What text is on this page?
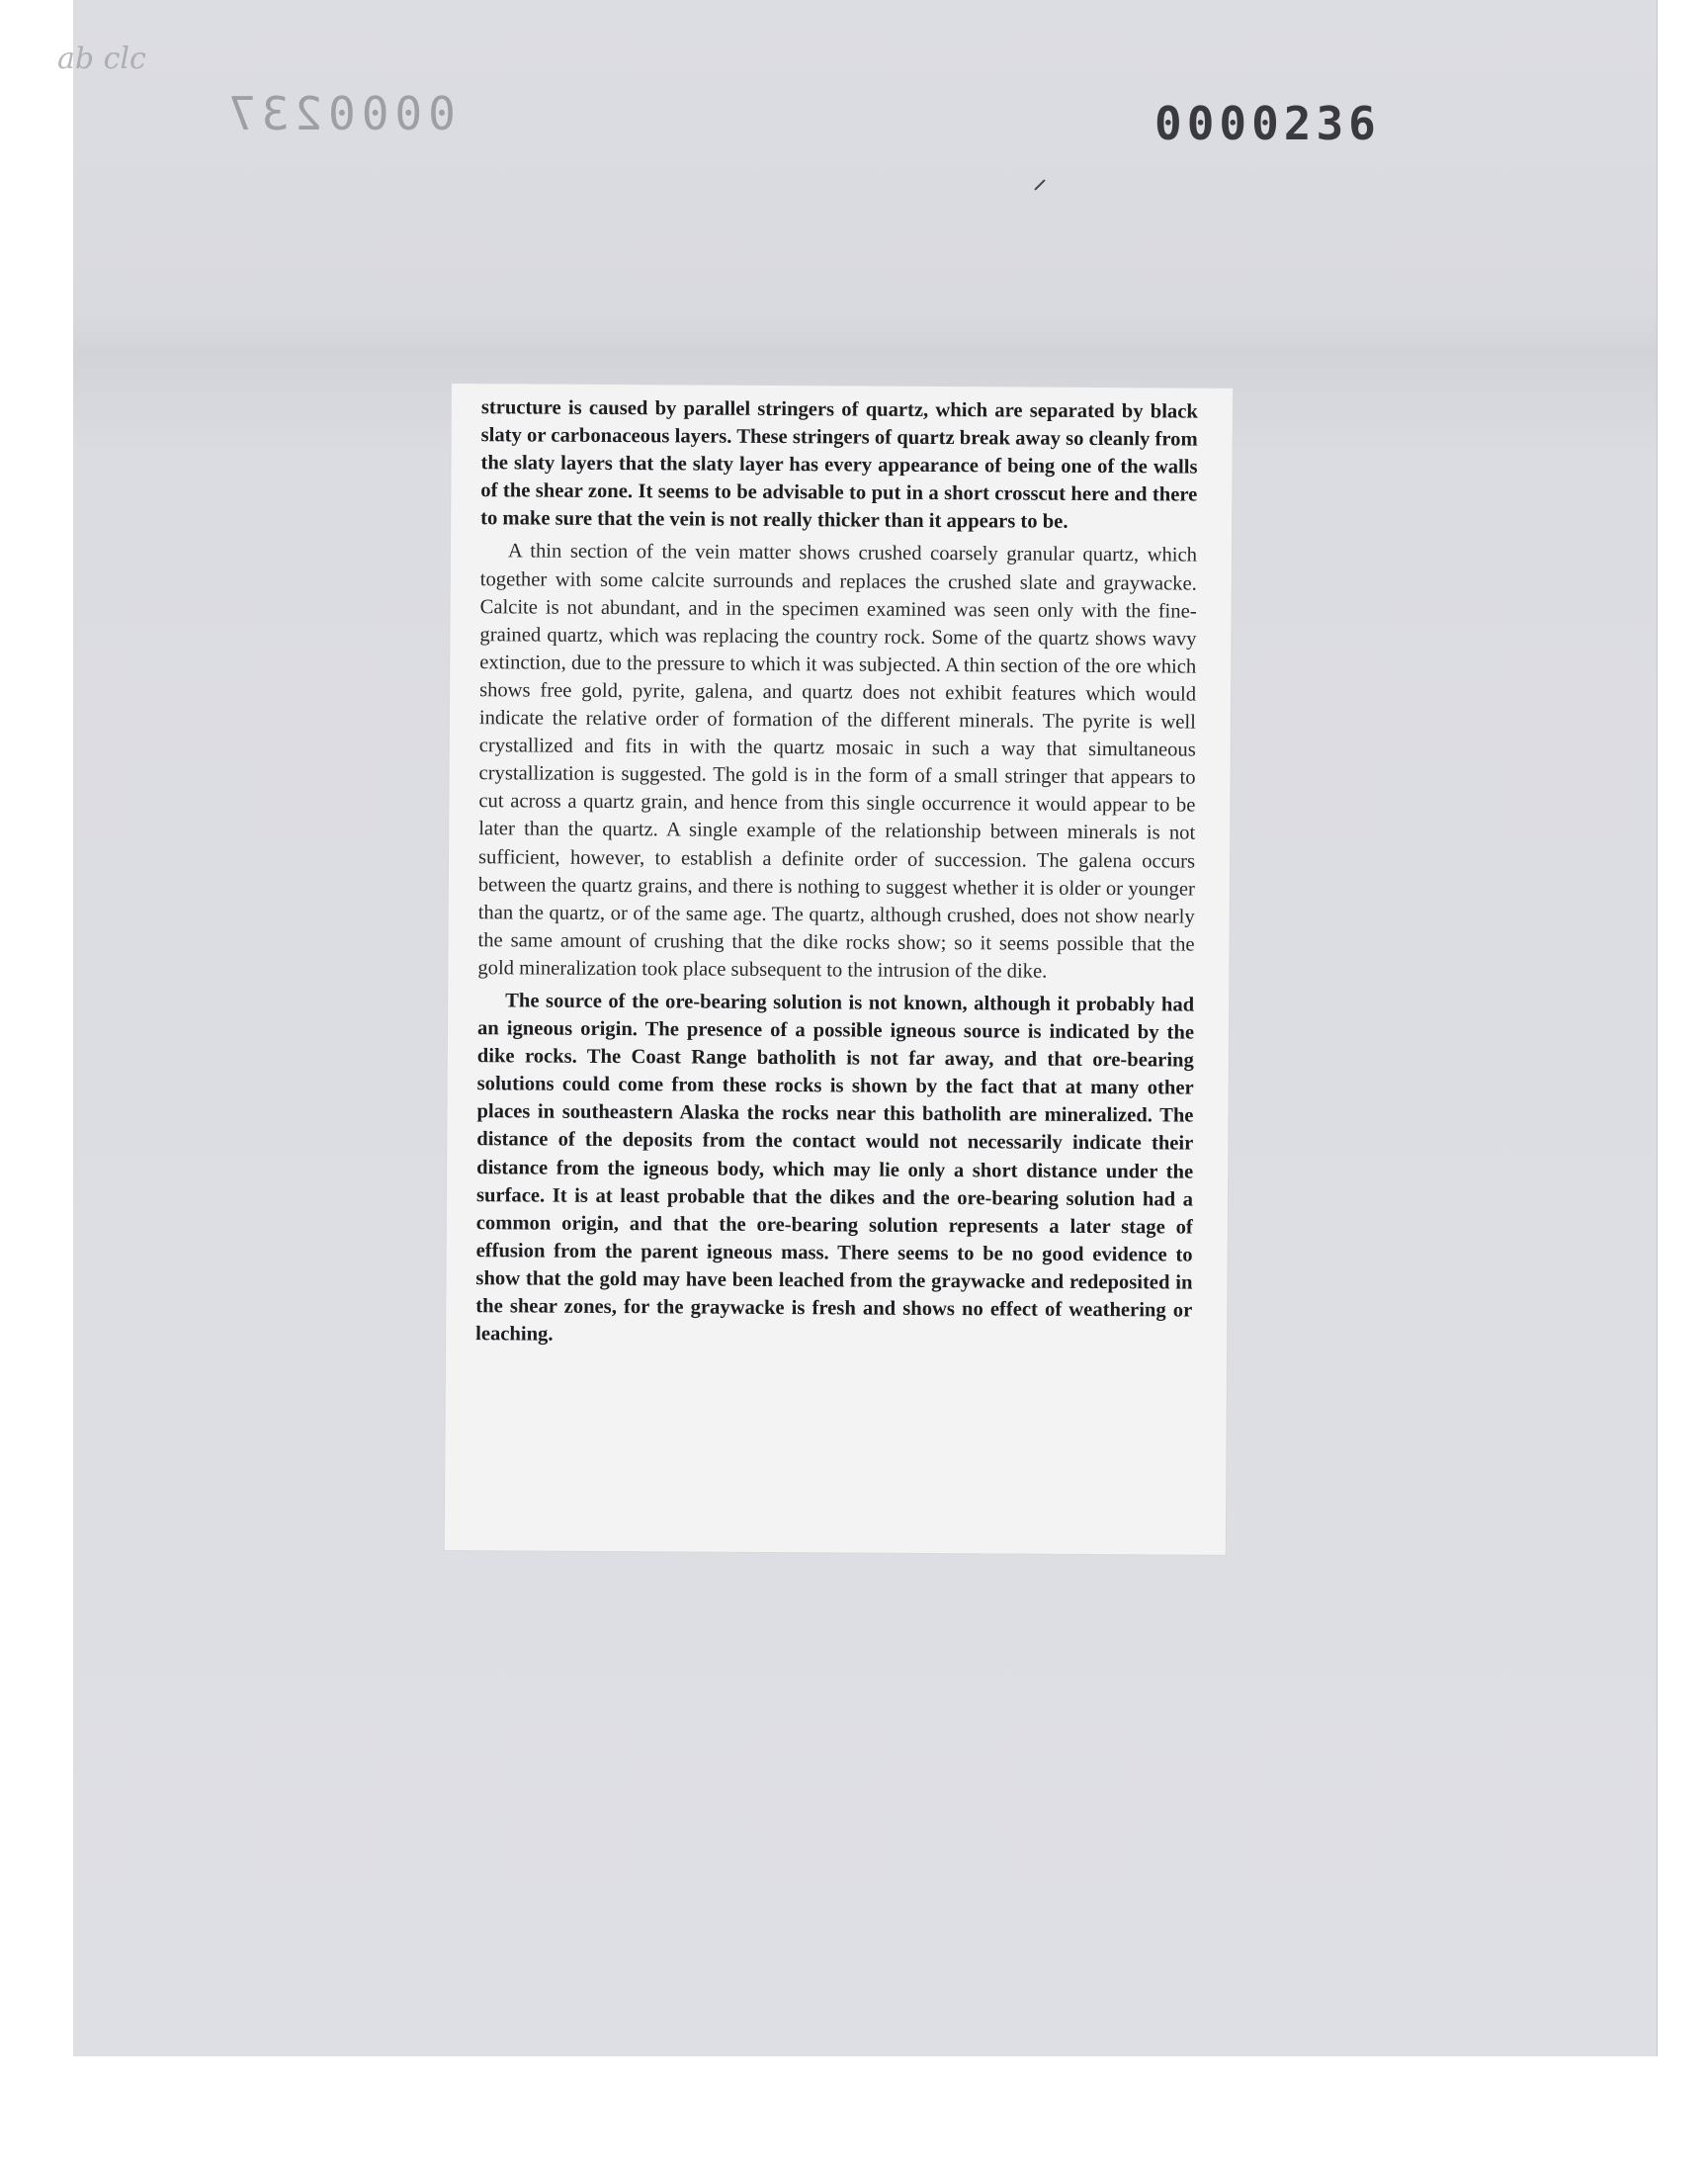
ab clc
0000237	0000236

structure is caused by parallel stringers of quartz, which are separated by black slaty or carbonaceous layers. These stringers of quartz break away so cleanly from the slaty layers that the slaty layer has every appearance of being one of the walls of the shear zone. It seems to be advisable to put in a short crosscut here and there to make sure that the vein is not really thicker than it appears to be.

A thin section of the vein matter shows crushed coarsely granular quartz, which together with some calcite surrounds and replaces the crushed slate and graywacke. Calcite is not abundant, and in the specimen examined was seen only with the fine-grained quartz, which was replacing the country rock. Some of the quartz shows wavy extinction, due to the pressure to which it was subjected. A thin section of the ore which shows free gold, pyrite, galena, and quartz does not exhibit features which would indicate the relative order of formation of the different minerals. The pyrite is well crystallized and fits in with the quartz mosaic in such a way that simultaneous crystallization is suggested. The gold is in the form of a small stringer that appears to cut across a quartz grain, and hence from this single occurrence it would appear to be later than the quartz. A single example of the relationship between minerals is not sufficient, however, to establish a definite order of succession. The galena occurs between the quartz grains, and there is nothing to suggest whether it is older or younger than the quartz, or of the same age. The quartz, although crushed, does not show nearly the same amount of crushing that the dike rocks show; so it seems possible that the gold mineralization took place subsequent to the intrusion of the dike.

The source of the ore-bearing solution is not known, although it probably had an igneous origin. The presence of a possible igneous source is indicated by the dike rocks. The Coast Range batholith is not far away, and that ore-bearing solutions could come from these rocks is shown by the fact that at many other places in southeastern Alaska the rocks near this batholith are mineralized. The distance of the deposits from the contact would not necessarily indicate their distance from the igneous body, which may lie only a short distance under the surface. It is at least probable that the dikes and the ore-bearing solution had a common origin, and that the ore-bearing solution represents a later stage of effusion from the parent igneous mass. There seems to be no good evidence to show that the gold may have been leached from the graywacke and redeposited in the shear zones, for the graywacke is fresh and shows no effect of weathering or leaching.
